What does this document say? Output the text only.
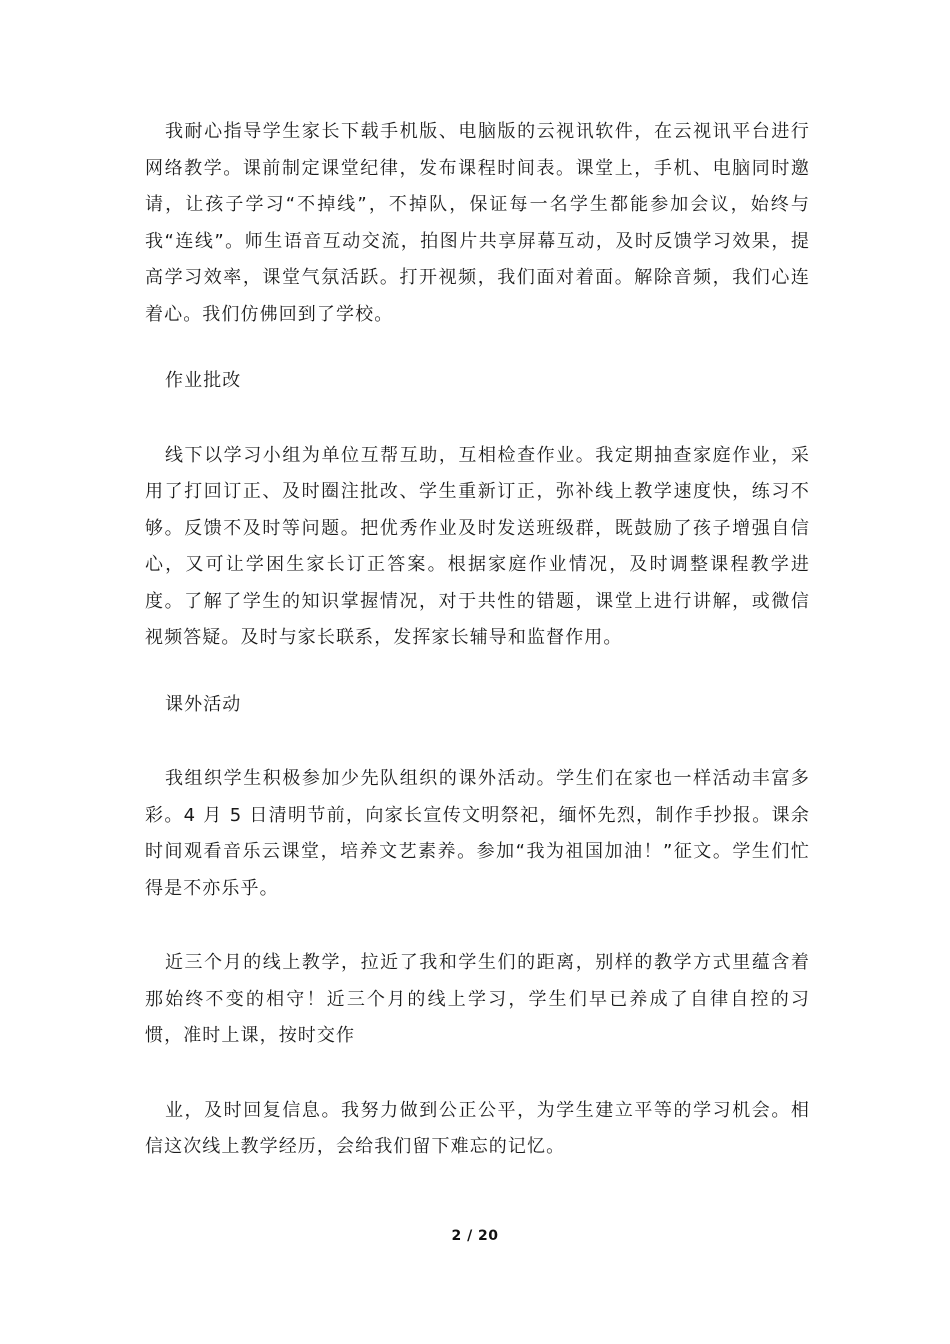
我耐心指导学生家长下载手机版、电脑版的云视讯软件，在云视讯平台进行网络教学。课前制定课堂纪律，发布课程时间表。课堂上，手机、电脑同时邀请，让孩子学习“不掉线”，不掉队，保证每一名学生都能参加会议，始终与我“连线”。师生语音互动交流，拍图片共享屏幕互动，及时反馈学习效果，提高学习效率，课堂气氛活跃。打开视频，我们面对着面。解除音频，我们心连着心。我们仿佛回到了学校。

作业批改

线下以学习小组为单位互帮互助，互相检查作业。我定期抽查家庭作业，采用了打回订正、及时圈注批改、学生重新订正，弥补线上教学速度快，练习不够。反馈不及时等问题。把优秀作业及时发送班级群，既鼓励了孩子增强自信心，又可让学困生家长订正答案。根据家庭作业情况，及时调整课程教学进度。了解了学生的知识掌握情况，对于共性的错题，课堂上进行讲解，或微信视频答疑。及时与家长联系，发挥家长辅导和监督作用。

课外活动

我组织学生积极参加少先队组织的课外活动。学生们在家也一样活动丰富多彩。4 月 5 日清明节前，向家长宣传文明祭祀，缅怀先烈，制作手抄报。课余时间观看音乐云课堂，培养文艺素养。参加“我为祖国加油！”征文。学生们忙得是不亦乐乎。

近三个月的线上教学，拉近了我和学生们的距离，别样的教学方式里蕴含着那始终不变的相守！近三个月的线上学习，学生们早已养成了自律自控的习惯，准时上课，按时交作

业，及时回复信息。我努力做到公正公平，为学生建立平等的学习机会。相信这次线上教学经历，会给我们留下难忘的记忆。

2 / 20
